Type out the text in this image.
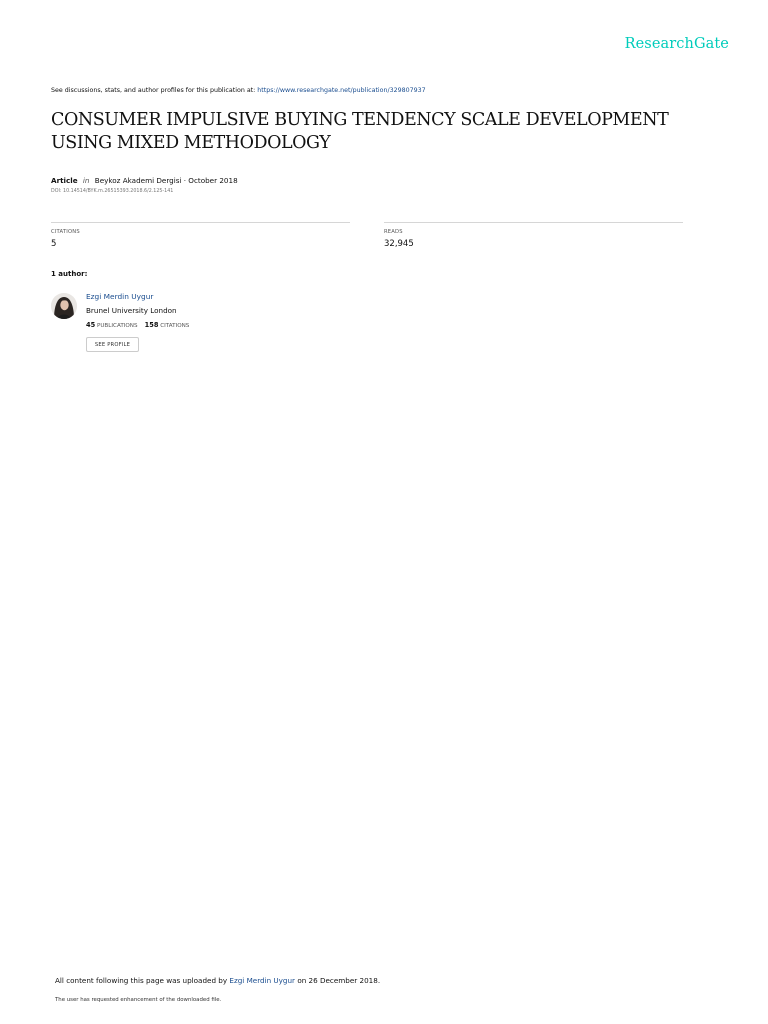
ResearchGate
See discussions, stats, and author profiles for this publication at: https://www.researchgate.net/publication/329807937
CONSUMER IMPULSIVE BUYING TENDENCY SCALE DEVELOPMENT USING MIXED METHODOLOGY
Article in Beykoz Akademi Dergisi · October 2018
DOI: 10.14514/BYK.m.26515393.2018.6/2.125-141
CITATIONS
5
READS
32,945
1 author:
Ezgi Merdin Uygur
Brunel University London
45 PUBLICATIONS 158 CITATIONS
SEE PROFILE
All content following this page was uploaded by Ezgi Merdin Uygur on 26 December 2018.
The user has requested enhancement of the downloaded file.
